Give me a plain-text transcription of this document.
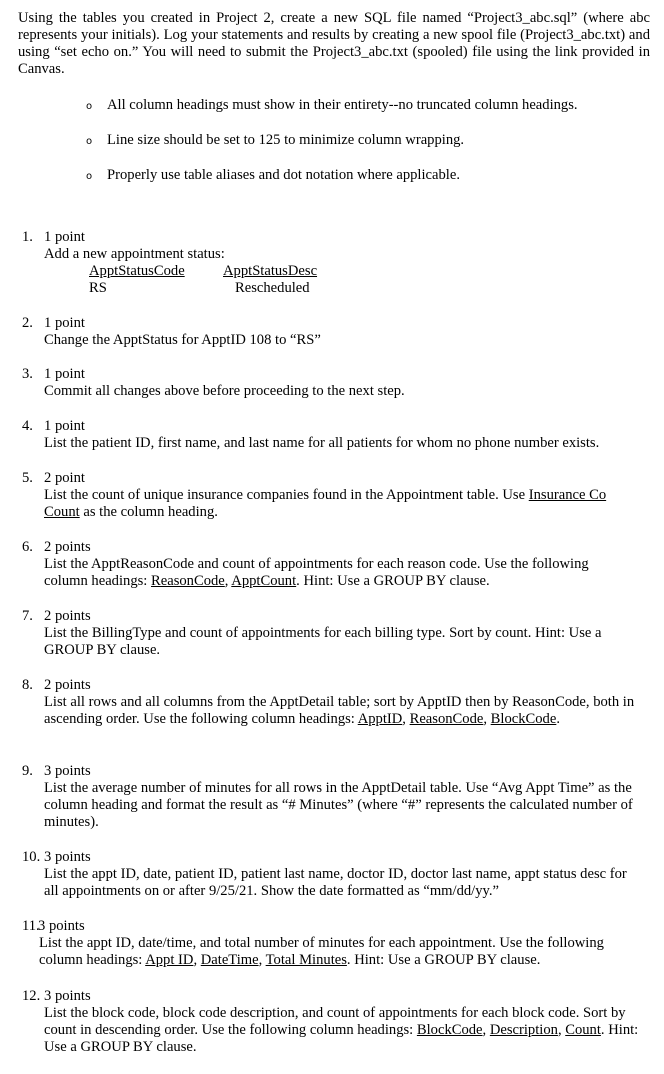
Using the tables you created in Project 2, create a new SQL file named “Project3_abc.sql” (where abc represents your initials). Log your statements and results by creating a new spool file (Project3_abc.txt) and using “set echo on.” You will need to submit the Project3_abc.txt (spooled) file using the link provided in Canvas.
o All column headings must show in their entirety--no truncated column headings.
o Line size should be set to 125 to minimize column wrapping.
o Properly use table aliases and dot notation where applicable.
1. 1 point
Add a new appointment status:
ApptStatusCode	ApptStatusDesc
RS	Rescheduled
2. 1 point
Change the ApptStatus for ApptID 108 to “RS”
3. 1 point
Commit all changes above before proceeding to the next step.
4. 1 point
List the patient ID, first name, and last name for all patients for whom no phone number exists.
5. 2 point
List the count of unique insurance companies found in the Appointment table. Use Insurance Co Count as the column heading.
6. 2 points
List the ApptReasonCode and count of appointments for each reason code. Use the following column headings: ReasonCode, ApptCount. Hint: Use a GROUP BY clause.
7. 2 points
List the BillingType and count of appointments for each billing type. Sort by count. Hint: Use a GROUP BY clause.
8. 2 points
List all rows and all columns from the ApptDetail table; sort by ApptID then by ReasonCode, both in ascending order. Use the following column headings: ApptID, ReasonCode, BlockCode.
9. 3 points
List the average number of minutes for all rows in the ApptDetail table. Use “Avg Appt Time” as the column heading and format the result as “# Minutes” (where “#” represents the calculated number of minutes).
10. 3 points
List the appt ID, date, patient ID, patient last name, doctor ID, doctor last name, appt status desc for all appointments on or after 9/25/21. Show the date formatted as “mm/dd/yy.”
11.
3 points
List the appt ID, date/time, and total number of minutes for each appointment. Use the following column headings: Appt ID, DateTime, Total Minutes. Hint: Use a GROUP BY clause.
12. 3 points
List the block code, block code description, and count of appointments for each block code. Sort by count in descending order. Use the following column headings: BlockCode, Description, Count. Hint: Use a GROUP BY clause.
